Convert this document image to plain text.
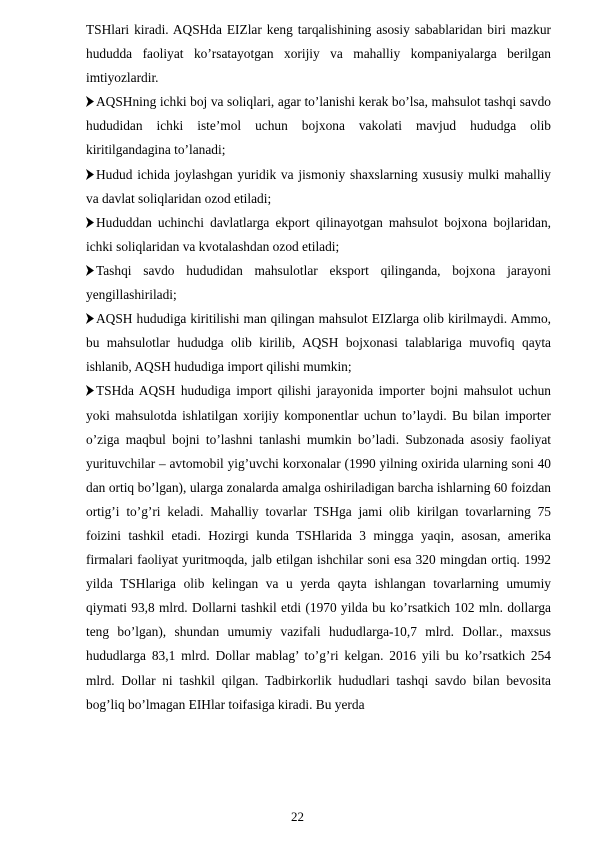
TSHlari kiradi. AQSHda EIZlar keng tarqalishining asosiy sabablaridan biri mazkur hududda faoliyat ko’rsatayotgan xorijiy va mahalliy kompaniyalarga berilgan imtiyozlardir.

AQSHning ichki boj va soliqlari, agar to’lanishi kerak bo’lsa, mahsulot tashqi savdo hududidan ichki iste’mol uchun bojxona vakolati mavjud hududga olib kiritilgandagina to’lanadi;

Hudud ichida joylashgan yuridik va jismoniy shaxslarning xususiy mulki mahalliy va davlat soliqlaridan ozod etiladi;

Hududdan uchinchi davlatlarga ekport qilinayotgan mahsulot bojxona bojlaridan, ichki soliqlaridan va kvotalashdan ozod etiladi;

Tashqi savdo hududidan mahsulotlar eksport qilinganda, bojxona jarayoni yengillashiriladi;

AQSH hududiga kiritilishi man qilingan mahsulot EIZlarga olib kirilmaydi. Ammo, bu mahsulotlar hududga olib kirilib, AQSH bojxonasi talablariga muvofiq qayta ishlanib, AQSH hududiga import qilishi mumkin;

TSHda AQSH hududiga import qilishi jarayonida importer bojni mahsulot uchun yoki mahsulotda ishlatilgan xorijiy komponentlar uchun to’laydi. Bu bilan importer o’ziga maqbul bojni to’lashni tanlashi mumkin bo’ladi. Subzonada asosiy faoliyat yurituvchilar – avtomobil yig’uvchi korxonalar (1990 yilning oxirida ularning soni 40 dan ortiq bo’lgan), ularga zonalarda amalga oshiriladigan barcha ishlarning 60 foizdan ortig’i to’g’ri keladi. Mahalliy tovarlar TSHga jami olib kirilgan tovarlarning 75 foizini tashkil etadi. Hozirgi kunda TSHlarida 3 mingga yaqin, asosan, amerika firmalari faoliyat yuritmoqda, jalb etilgan ishchilar soni esa 320 mingdan ortiq. 1992 yilda TSHlariga olib kelingan va u yerda qayta ishlangan tovarlarning umumiy qiymati 93,8 mlrd. Dollarni tashkil etdi (1970 yilda bu ko’rsatkich 102 mln. dollarga teng bo’lgan), shundan umumiy vazifali hududlarga-10,7 mlrd. Dollar., maxsus hududlarga 83,1 mlrd. Dollar mablag’ to’g’ri kelgan. 2016 yili bu ko’rsatkich 254 mlrd. Dollar ni tashkil qilgan. Tadbirkorlik hududlari tashqi savdo bilan bevosita bog’liq bo’lmagan EIHlar toifasiga kiradi. Bu yerda

22
